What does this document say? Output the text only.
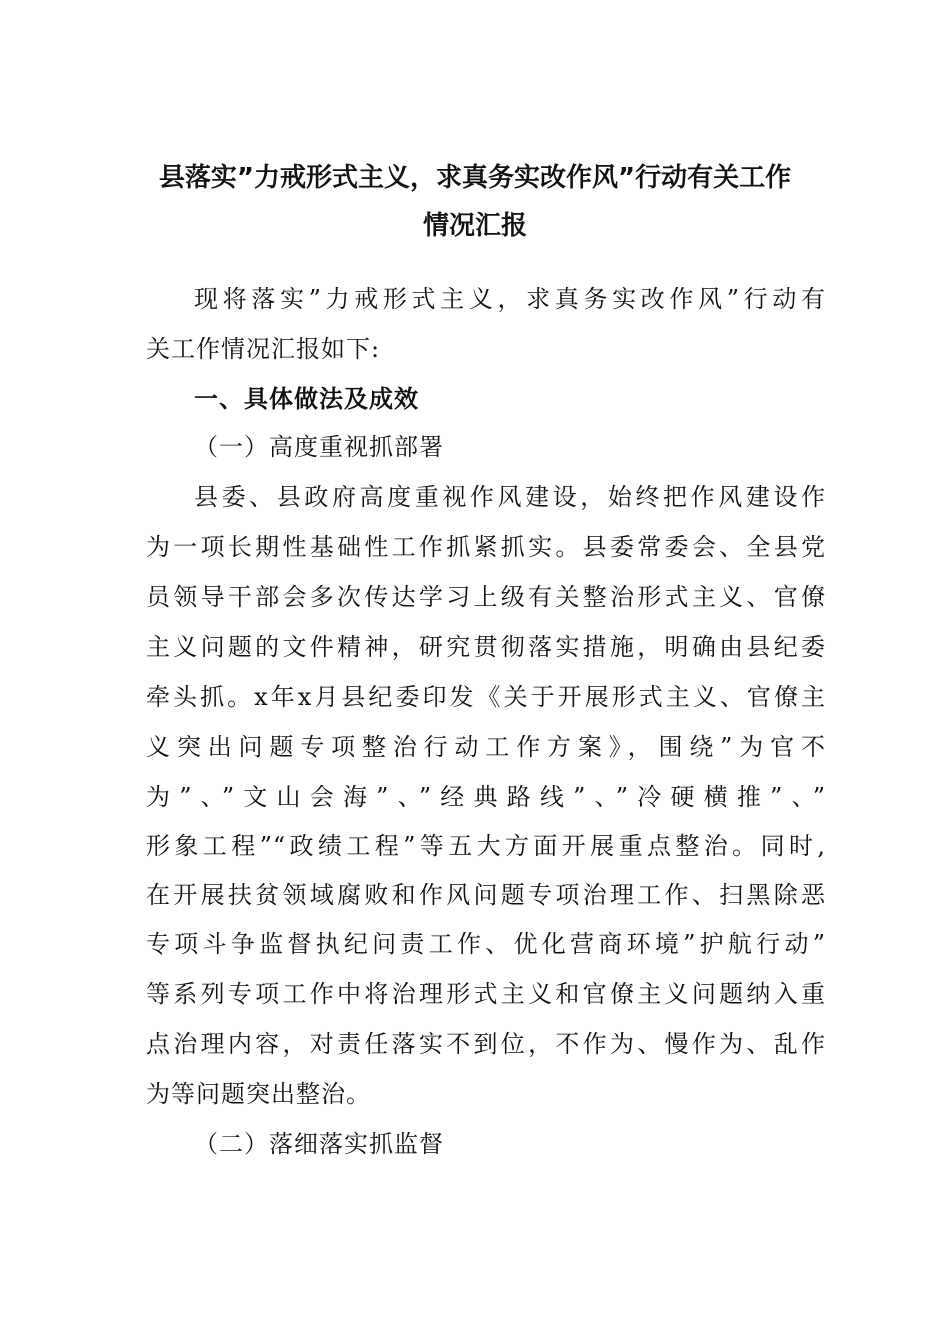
县落实”力戒形式主义，求真务实改作风”行动有关工作
情况汇报
现将落实”力戒形式主义，求真务实改作风”行动有
关工作情况汇报如下:
一、具体做法及成效
（一）高度重视抓部署
县委、县政府高度重视作风建设，始终把作风建设作
为一项长期性基础性工作抓紧抓实。县委常委会、全县党
员领导干部会多次传达学习上级有关整治形式主义、官僚
主义问题的文件精神，研究贯彻落实措施，明确由县纪委
牵头抓。x年x月县纪委印发《关于开展形式主义、官僚主
义突出问题专项整治行动工作方案》，围绕”为官不
为”、”文山会海”、”经典路线”、”冷硬横推”、”
形象工程”“政绩工程”等五大方面开展重点整治。同时,
在开展扶贫领域腐败和作风问题专项治理工作、扫黑除恶
专项斗争监督执纪问责工作、优化营商环境”护航行动”
等系列专项工作中将治理形式主义和官僚主义问题纳入重
点治理内容，对责任落实不到位，不作为、慢作为、乱作
为等问题突出整治。
（二）落细落实抓监督
